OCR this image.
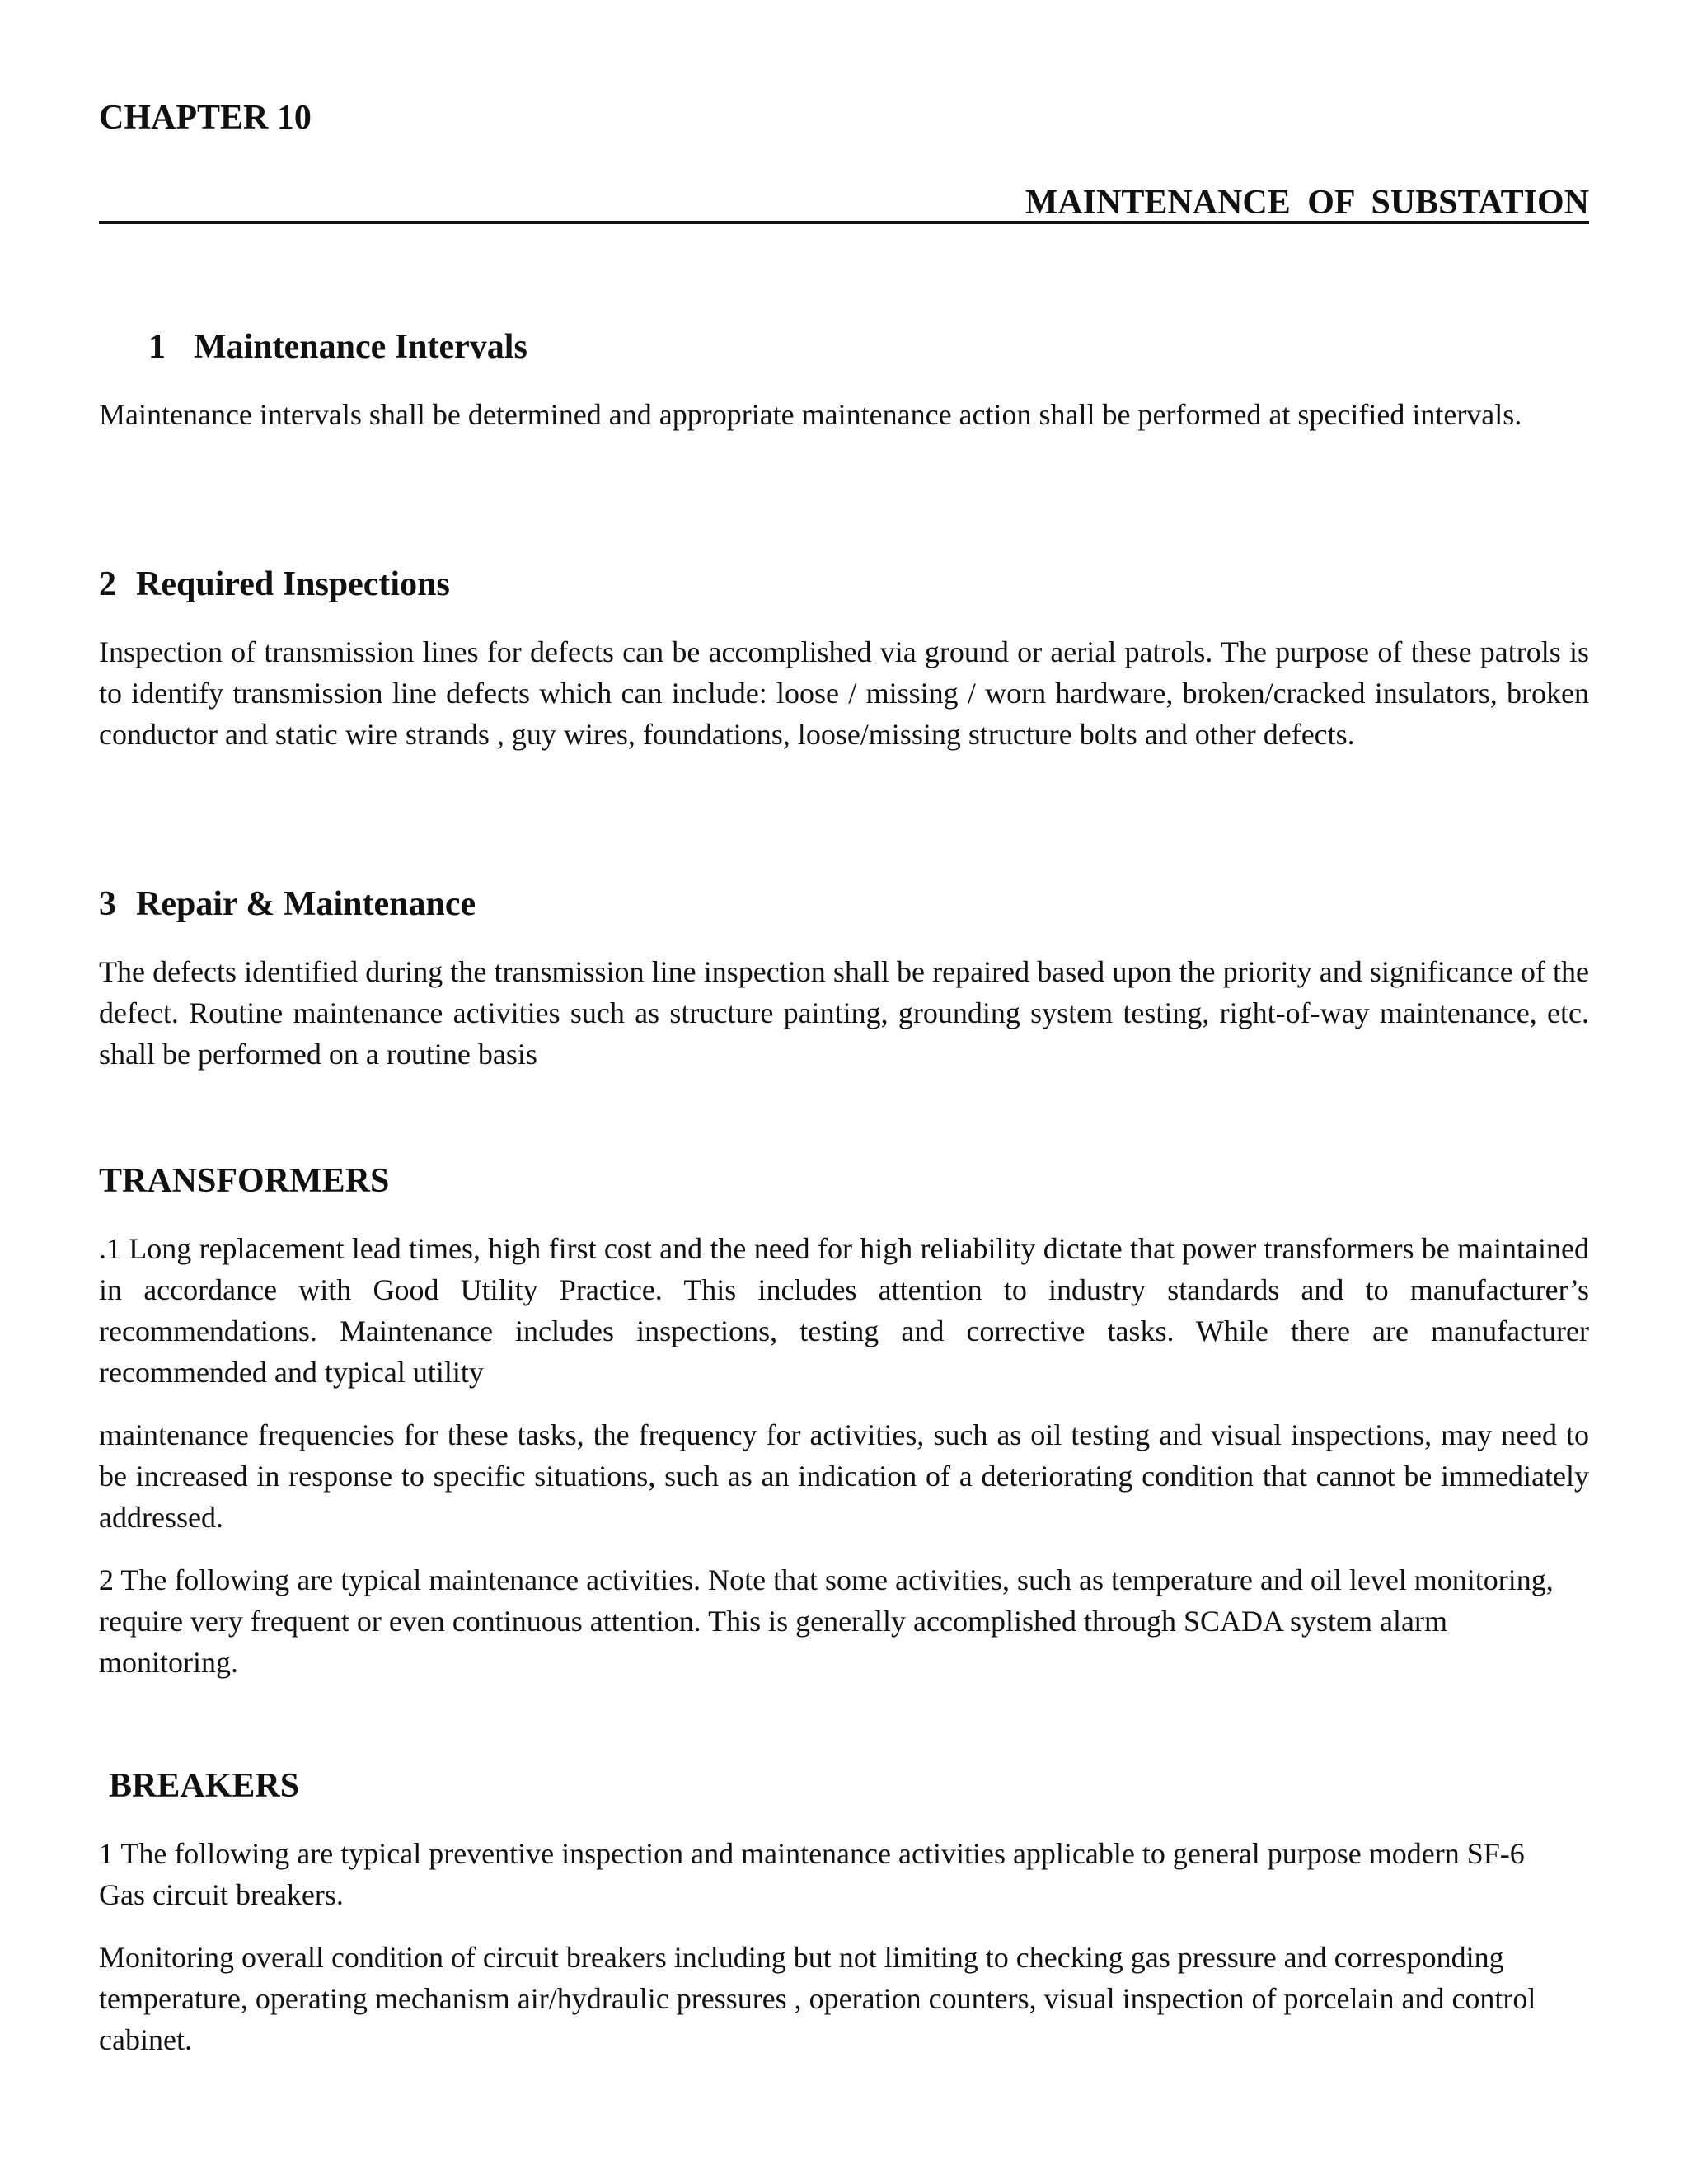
CHAPTER 10
MAINTENANCE OF SUBSTATION
1 Maintenance Intervals

Maintenance intervals shall be determined and appropriate maintenance action shall be performed at specified intervals.

2 Required Inspections

Inspection of transmission lines for defects can be accomplished via ground or aerial patrols. The purpose of these patrols is to identify transmission line defects which can include: loose / missing / worn hardware, broken/cracked insulators, broken conductor and static wire strands , guy wires, foundations, loose/missing structure bolts and other defects.

3 Repair & Maintenance

The defects identified during the transmission line inspection shall be repaired based upon the priority and significance of the defect. Routine maintenance activities such as structure painting, grounding system testing, right-of-way maintenance, etc. shall be performed on a routine basis

TRANSFORMERS

.1 Long replacement lead times, high first cost and the need for high reliability dictate that power transformers be maintained in accordance with Good Utility Practice. This includes attention to industry standards and to manufacturer’s recommendations. Maintenance includes inspections, testing and corrective tasks. While there are manufacturer recommended and typical utility

maintenance frequencies for these tasks, the frequency for activities, such as oil testing and visual inspections, may need to be increased in response to specific situations, such as an indication of a deteriorating condition that cannot be immediately addressed.

2 The following are typical maintenance activities. Note that some activities, such as temperature and oil level monitoring, require very frequent or even continuous attention. This is generally accomplished through SCADA system alarm monitoring.

BREAKERS

1 The following are typical preventive inspection and maintenance activities applicable to general purpose modern SF-6 Gas circuit breakers.

Monitoring overall condition of circuit breakers including but not limiting to checking gas pressure and corresponding temperature, operating mechanism air/hydraulic pressures , operation counters, visual inspection of porcelain and control cabinet.
